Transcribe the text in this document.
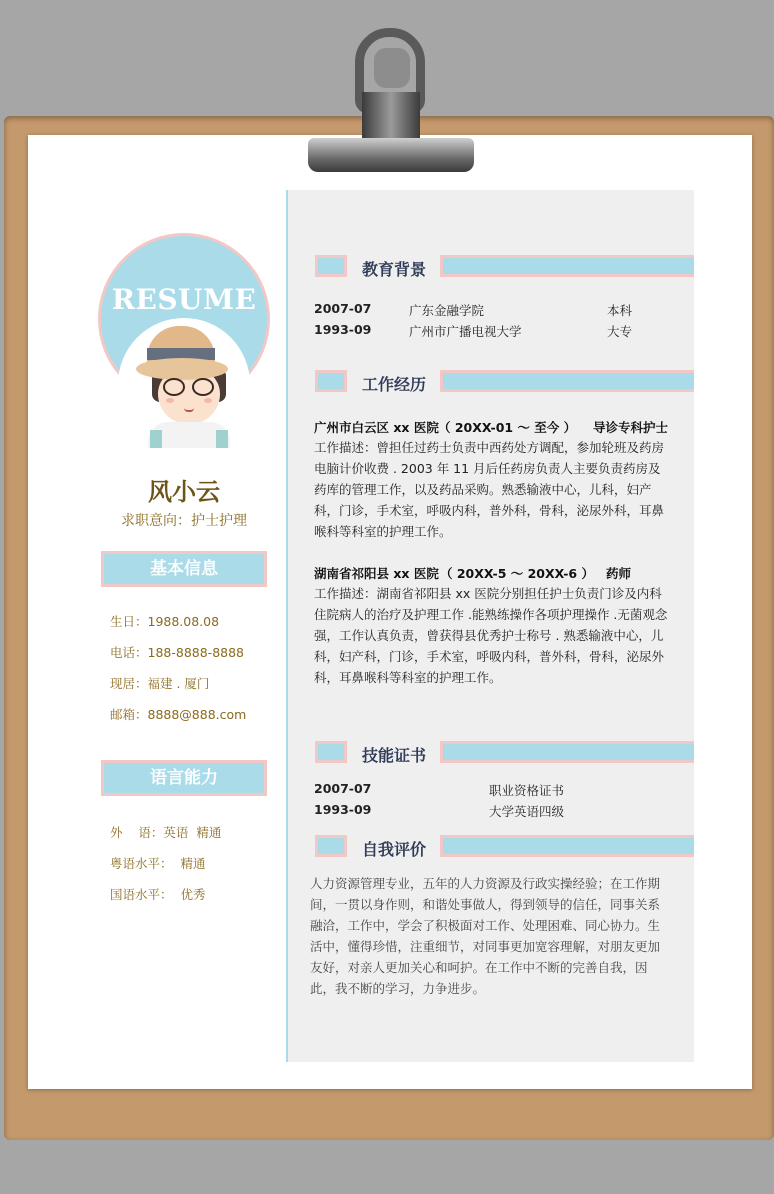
RESUME
风小云
求职意向：护士护理
基本信息
生日：1988.08.08
电话：188-8888-8888
现居：福建 . 厦门
邮箱：8888@888.com
语言能力
外    语：英语  精通
粤语水平：  精通
国语水平：  优秀
教育背景
2007-07	广东金融学院	本科
1993-09	广州市广播电视大学	大专
工作经历
广州市白云区 xx 医院 （ 20XX-01 ～ 至今 ） 导诊专科护士
工作描述：曾担任过药士负责中西药处方调配，参加轮班及药房电脑计价收费 . 2003 年 11 月后任药房负责人主要负责药房及药库的管理工作，以及药品采购。熟悉输液中心，儿科，妇产科，门诊，手术室，呼吸内科，普外科，骨科，泌尿外科，耳鼻喉科等科室的护理工作。
湖南省祁阳县 xx 医院 （ 20XX-5 ～ 20XX-6 ） 药师
工作描述：湖南省祁阳县 xx 医院分别担任护士负责门诊及内科住院病人的治疗及护理工作 .能熟练操作各项护理操作 .无菌观念强，工作认真负责，曾获得县优秀护士称号 . 熟悉输液中心，儿科，妇产科，门诊，手术室，呼吸内科，普外科，骨科，泌尿外科，耳鼻喉科等科室的护理工作。
技能证书
2007-07	职业资格证书
1993-09	大学英语四级
自我评价
人力资源管理专业，五年的人力资源及行政实操经验；在工作期间，一贯以身作则，和谐处事做人，得到领导的信任，同事关系融洽，工作中，学会了积极面对工作、处理困难、同心协力。生活中，懂得珍惜，注重细节，对同事更加宽容理解，对朋友更加友好，对亲人更加关心和呵护。在工作中不断的完善自我，因此，我不断的学习，力争进步。
